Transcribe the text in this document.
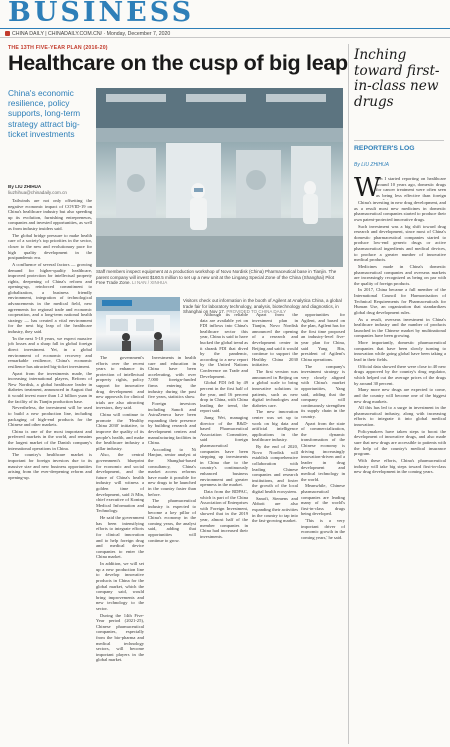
BUSINESS
CHINA DAILY | CHINADAILY.COM.CN/ · Monday, December 7, 2020
THE 13TH FIVE-YEAR PLAN (2016-20)
Healthcare on the cusp of big leap
China's economic resilience, policy supports, long-term strategy attract big-ticket investments
By LIU ZHIHUA
liuzhihua@chinadaily.com.cn

Tailwinds are not only offsetting the negative economic impact of COVID-19 on China's healthcare industry but also speeding up its evolution, furnishing entrepreneurs, companies and invested opportunities, as well as from industry insiders said.

The global bridge pressure to make health care of a society's top priorities in the sector, closer to the new and evolutionary pace for high quality development in the postpandemic era.

A confluence of several factors — growing demand for higher-quality healthcare, improved protection for intellectual property rights, deepening of China's reform and opening-up, reinforced commitment to globalization, a business friendly environment, integration of technological advancements in the medical field, new agreements for regional trade and economic cooperation, and a long-term national health strategy — has created a vital environment for the next big leap of the healthcare industry, they said.

'In the next 5-10 years, we expect massive job losses and a sharp fall in global foreign direct investment. Yet, in a global environment of economic recovery and remarkable resilience, China's economic resilience has attracted big-ticket investment.

Apart from the investments made, the increasing international players, Reform of New Nordisk, a global healthcare leader in diabetes treatment, announced in August that it would invest more than 1.2 billion yuan in the facility of its Tianjin production base.

Nevertheless, the investment will be used to build a new production line, including packaging of high-end products for the Chinese and other markets.

China is one of the most important and preferred markets in the world, and remains the largest market of the Danish company's international operations in China.

The country's healthcare market is important for foreign investors due to its massive size and new business opportunities arising from the ever-deepening reform and opening-up.

Staff members inspect equipment at a production workshop of Novo Nordisk (China) Pharmaceutical base in Tianjin. The parent company will invest $160.5 million to set up a new unit at the Lingang Special Zone of the China (Shanghai) Pilot Free Trade Zone. LI NAN / XINHUA
Visitors check out information in the booth of Agilent at Analytica China, a global trade fair for laboratory technology, analysis, biotechnology and diagnostics, in Shanghai on Nov 17. PROVIDED TO CHINA DAILY

The government's efforts over the recent years to enhance its protection of intellectual property rights, policy support for innovative drug development and new approvals for clinical trials are also attracting investors, they said.

China will continue to promote the 'Healthy China 2030' initiative, to improve the quality of its people's health, and make the healthcare industry a pillar industry.

Also, the central government's blueprint for economic and social development, and the future of China's health industry will witness a golden time of development, said Ji Min, chief executive of Koning Medical Information and Technology.

He said the government has been intensifying efforts to integrate efforts for clinical innovation and to help foreign drug and medical device companies to enter the China market.

In addition, we will set up a new production line to develop innovative products in China for the global market, which the company said, would bring improvements and new technology to the sector.

During the 14th Five-Year period (2021-25), Chinese pharmaceutical companies, especially from the bio-pharma and medical technology sectors, will become important players in the global market.

Investments in health care and education in China have been accelerating, with over 7,000 foreign-funded firms entering the industry during the past five years, statistics show.

Foreign investors including Sanofi and AstraZeneca have been expanding their presence by building research and development centers and manufacturing facilities in China.

According to Ni Hanjun, senior analyst at the Shanghai-based consultancy, China's market access reforms have made it possible for new drugs to be launched in the country faster than before.

The pharmaceutical industry is expected to become a key pillar of China's economy in the coming years, the analyst said, adding that opportunities will continue to grow.

Although its reliable data are available yet on FDI inflows into China's healthcare sector this year, China is said to have bucked the global trend as it shrank FDI that dived by the pandemic, according to a new report by the United Nations Conference on Trade and Development.

Global FDI fell by 49 percent in the first half of the year, and 16 percent drop in China, with China leading the trend, the report said.

Jiang Wei, managing director of the R&D-based Pharmaceutical Association Committee, said foreign pharmaceutical companies have been stepping up investments in China due to the country's continuously enhanced business environment and greater openness in the market.

Data from the RDPAC, which is part of the China Association of Enterprises with Foreign Investment, showed that in the 2019 year, almost half of the member companies in China had increased their investments.

Apart from the investment plan in Tianjin, Novo Nordisk announced the opening of a research and development center in Beijing and said it would continue to support the Healthy China 2030 initiative.

The first version was announced in Beijing on a global scale to bring innovative solutions to patients, such as new digital technologies and diabetes care.

The new innovation center was set up to work on big data and artificial intelligence applications in the healthcare industry.

By the end of 2020, Novo Nordisk will establish comprehensive collaboration with leading Chinese companies and research institutions, and foster the growth of the local digital health ecosystem.

Sanofi, Siemens and Abbott are also expanding their activities in the country to tap into the fast-growing market.

opportunities for Agilent, and based on the plan, Agilent has for the first time proposed an industry-level five-year plan for China, said Yang Bin, president of Agilent's China operations.

The company's investment strategy is very closely aligned with China's market opportunities, Yang said, adding that the company will continuously strengthen its supply chain in the country.

Apart from the state of commercialization, the dynamic transformation of the Chinese economy is driving increasingly innovation-driven and a leader in drug development and medical technology in the world.

Meanwhile, Chinese pharmaceutical companies are leading many of the world's first-in-class drugs being developed.

'This is a very important driver of economic growth in the coming years,' he said.

Inching toward first-in-class new drugs
REPORTER'S LOG
By LIU ZHIHUA
W

hen I started reporting on healthcare around 10 years ago, domestic drugs for cancer treatment were often seen as being less effective than foreign

China's investing in new drug development, and as a result most new medicines in domestic pharmaceutical companies started to produce their own patent-protected innovative drugs.

Such investment was a big shift toward drug research and development, since most of China's domestic pharmaceutical companies started to produce low-end generic drugs or active pharmaceutical ingredients and medical devices, to produce a greater number of innovative medical products.

Medicines made in China's domestic pharmaceutical companies and overseas markets are increasingly recognized as being on par with the quality of foreign products.

In 2017, China became a full member of the International Council for Harmonisation of Technical Requirements for Pharmaceuticals for Human Use, an organization that standardizes global drug development rules.

As a result, overseas investment in China's healthcare industry and the number of products launched in the Chinese market by multinational companies have been growing.

More importantly, domestic pharmaceutical companies that have been slowly turning to innovation while going global have been taking a lead in their fields.

Official data showed there were close to 40 new drugs approved by the country's drug regulator, which helped cut the average prices of the drugs by around 30 percent.

Many more new drugs are expected to come, and the country will become one of the biggest new drug markets.

All this has led to a surge in investment in the pharmaceutical industry, along with increasing efforts to integrate it into global medical innovation.

Policymakers have taken steps to boost the development of innovative drugs, and also made sure that new drugs are accessible to patients with the help of the country's medical insurance program.

With these efforts, China's pharmaceutical industry will take big steps toward first-in-class new drug development in the coming years.
